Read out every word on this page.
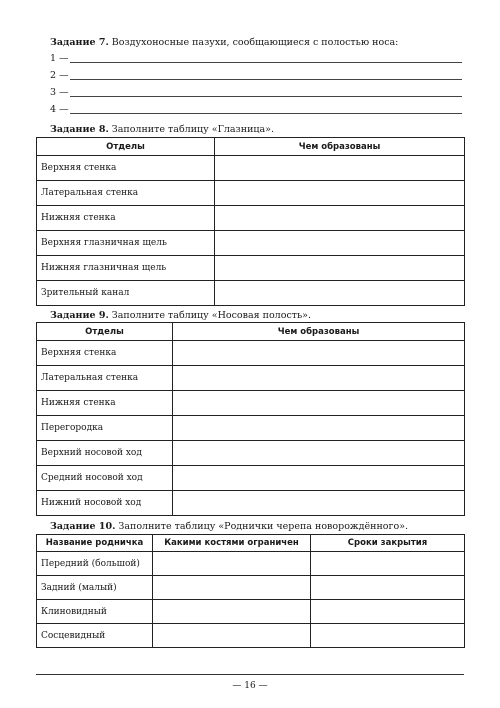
Задание 7. Воздухоносные пазухи, сообщающиеся с полостью носа:
1 —
2 —
3 —
4 —
Задание 8. Заполните таблицу «Глазница».
Отделы	Чем образованы
Верхняя стенка	
Латеральная стенка	
Нижняя стенка	
Верхняя глазничная щель	
Нижняя глазничная щель	
Зрительный канал	
Задание 9. Заполните таблицу «Носовая полость».
Отделы	Чем образованы
Верхняя стенка	
Латеральная стенка	
Нижняя стенка	
Перегородка	
Верхний носовой ход	
Средний носовой ход	
Нижний носовой ход	
Задание 10. Заполните таблицу «Роднички черепа новорождённого».
Название родничка	Какими костями ограничен	Сроки закрытия
Передний (большой)		
Задний (малый)		
Клиновидный		
Сосцевидный		
— 16 —
